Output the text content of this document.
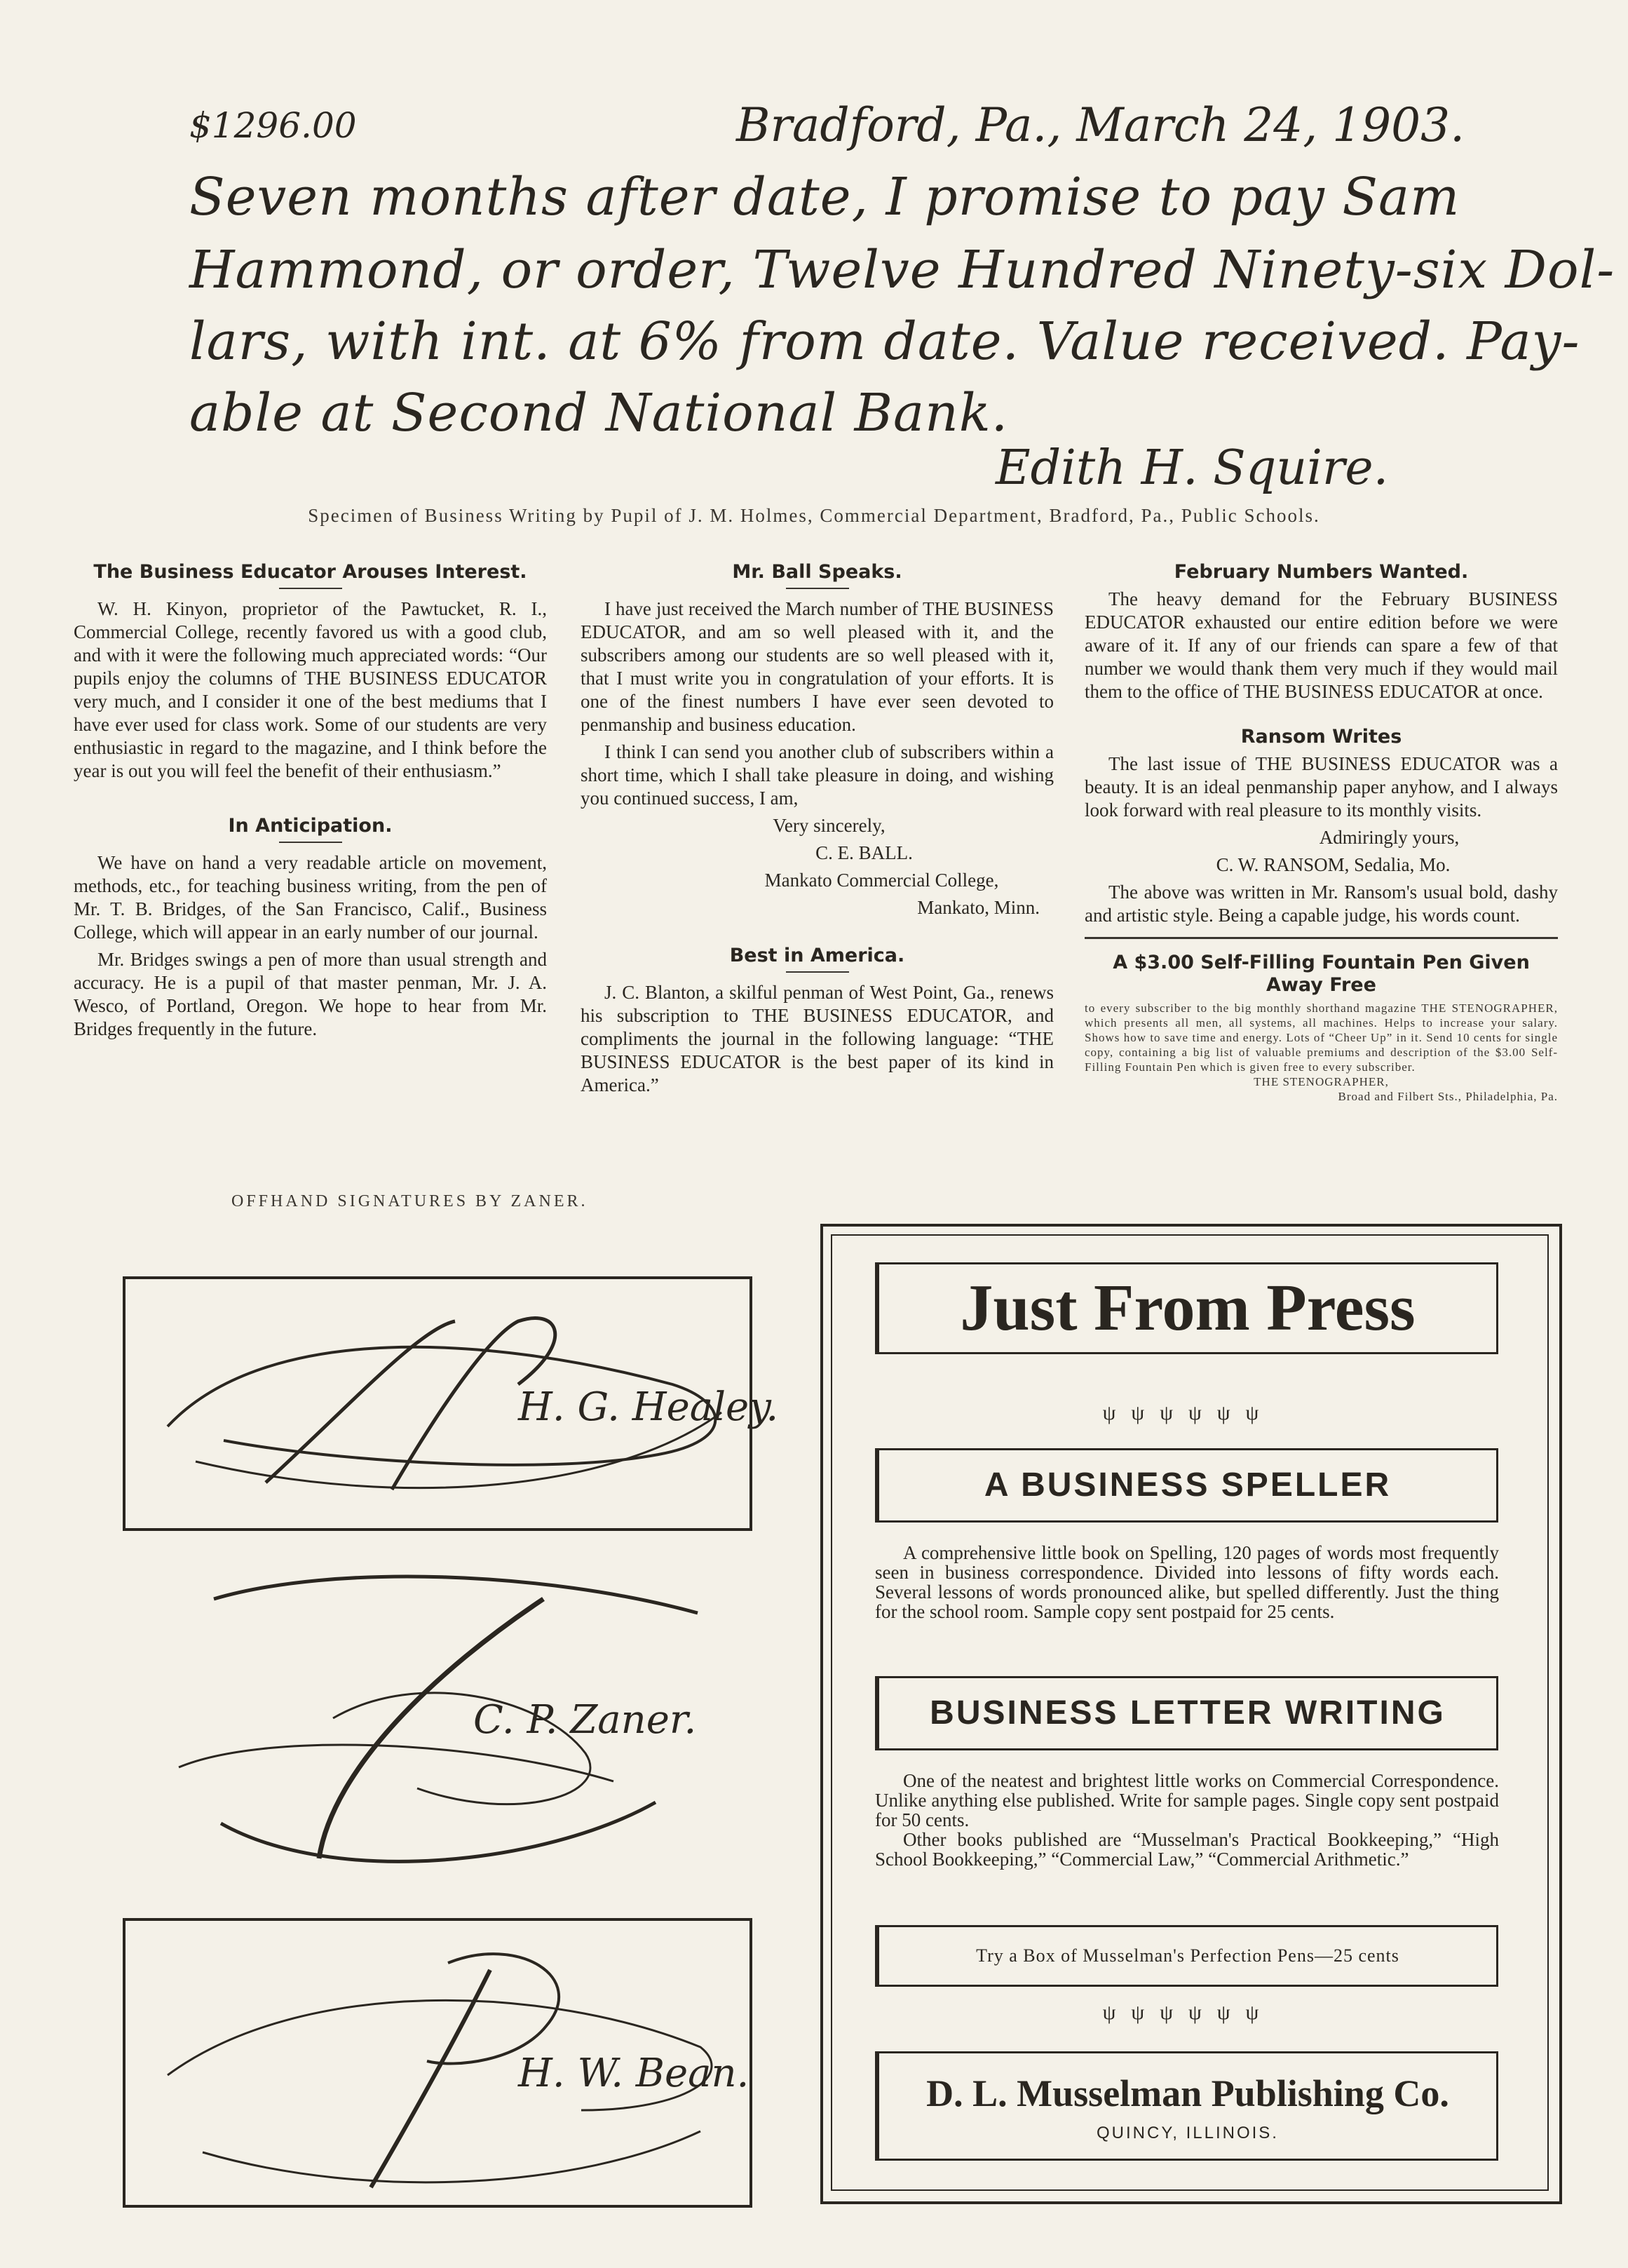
$1296.00	Bradford, Pa., March 24, 1903.
Seven months after date, I promise to pay Sam
Hammond, or order, Twelve Hundred Ninety-six Dol-
lars, with int. at 6% from date. Value received. Pay-
able at Second National Bank.
Edith H. Squire.
Specimen of Business Writing by Pupil of J. M. Holmes, Commercial Department, Bradford, Pa., Public Schools.
The Business Educator Arouses Interest.

W. H. Kinyon, proprietor of the Pawtucket, R. I., Commercial College, recently favored us with a good club, and with it were the following much appreciated words: “Our pupils enjoy the columns of THE BUSINESS EDUCATOR very much, and I consider it one of the best mediums that I have ever used for class work. Some of our students are very enthusiastic in regard to the magazine, and I think before the year is out you will feel the benefit of their enthusiasm.”

In Anticipation.

We have on hand a very readable article on movement, methods, etc., for teaching business writing, from the pen of Mr. T. B. Bridges, of the San Francisco, Calif., Business College, which will appear in an early number of our journal.

Mr. Bridges swings a pen of more than usual strength and accuracy. He is a pupil of that master penman, Mr. J. A. Wesco, of Portland, Oregon. We hope to hear from Mr. Bridges frequently in the future.

Mr. Ball Speaks.

I have just received the March number of THE BUSINESS EDUCATOR, and am so well pleased with it, and the subscribers among our students are so well pleased with it, that I must write you in congratulation of your efforts. It is one of the finest numbers I have ever seen devoted to penmanship and business education.

I think I can send you another club of subscribers within a short time, which I shall take pleasure in doing, and wishing you continued success, I am,

Very sincerely,

C. E. BALL.

Mankato Commercial College,

Mankato, Minn.

Best in America.

J. C. Blanton, a skilful penman of West Point, Ga., renews his subscription to THE BUSINESS EDUCATOR, and compliments the journal in the following language: “THE BUSINESS EDUCATOR is the best paper of its kind in America.”

February Numbers Wanted.

The heavy demand for the February BUSINESS EDUCATOR exhausted our entire edition before we were aware of it. If any of our friends can spare a few of that number we would thank them very much if they would mail them to the office of THE BUSINESS EDUCATOR at once.

Ransom Writes

The last issue of THE BUSINESS EDUCATOR was a beauty. It is an ideal penmanship paper anyhow, and I always look forward with real pleasure to its monthly visits.

Admiringly yours,

C. W. RANSOM, Sedalia, Mo.

The above was written in Mr. Ransom's usual bold, dashy and artistic style. Being a capable judge, his words count.

A $3.00 Self-Filling Fountain Pen Given Away Free
to every subscriber to the big monthly shorthand magazine THE STENOGRAPHER, which presents all men, all systems, all machines. Helps to increase your salary. Shows how to save time and energy. Lots of “Cheer Up” in it. Send 10 cents for single copy, containing a big list of valuable premiums and description of the $3.00 Self-Filling Fountain Pen which is given free to every subscriber.
THE STENOGRAPHER,
Broad and Filbert Sts., Philadelphia, Pa.
OFFHAND SIGNATURES BY ZANER.
H. G. Healey.
C. P. Zaner.
H. W. Bean.
Just From Press
ψψψψψψ
A BUSINESS SPELLER

A comprehensive little book on Spelling, 120 pages of words most frequently seen in business correspondence. Divided into lessons of fifty words each. Several lessons of words pronounced alike, but spelled differently. Just the thing for the school room. Sample copy sent postpaid for 25 cents.

BUSINESS LETTER WRITING

One of the neatest and brightest little works on Commercial Correspondence. Unlike anything else published. Write for sample pages. Single copy sent postpaid for 50 cents.

Other books published are “Musselman's Practical Bookkeeping,” “High School Bookkeeping,” “Commercial Law,” “Commercial Arithmetic.”

Try a Box of Musselman's Perfection Pens—25 cents
ψψψψψψ
D. L. Musselman Publishing Co.
QUINCY, ILLINOIS.
